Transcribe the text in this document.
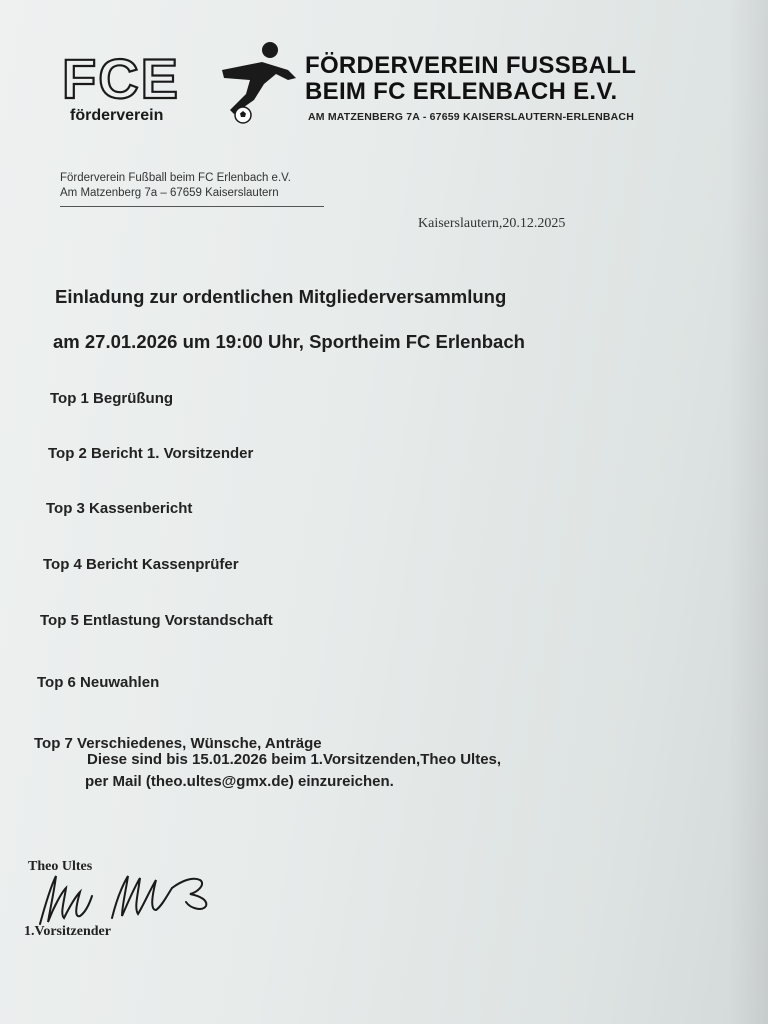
FCE
förderverein
FÖRDERVEREIN FUSSBALL
BEIM FC ERLENBACH E.V.
AM MATZENBERG 7A - 67659 KAISERSLAUTERN-ERLENBACH
Förderverein Fußball beim FC Erlenbach e.V.
Am Matzenberg 7a – 67659 Kaiserslautern
Kaiserslautern,20.12.2025
Einladung zur ordentlichen Mitgliederversammlung
am 27.01.2026 um 19:00 Uhr, Sportheim FC Erlenbach
Top 1 Begrüßung
Top 2 Bericht 1. Vorsitzender
Top 3 Kassenbericht
Top 4 Bericht Kassenprüfer
Top 5 Entlastung Vorstandschaft
Top 6 Neuwahlen
Top 7 Verschiedenes, Wünsche, Anträge
Diese sind bis 15.01.2026 beim 1.Vorsitzenden,Theo Ultes,
per Mail (theo.ultes@gmx.de) einzureichen.
Theo Ultes
1.Vorsitzender
